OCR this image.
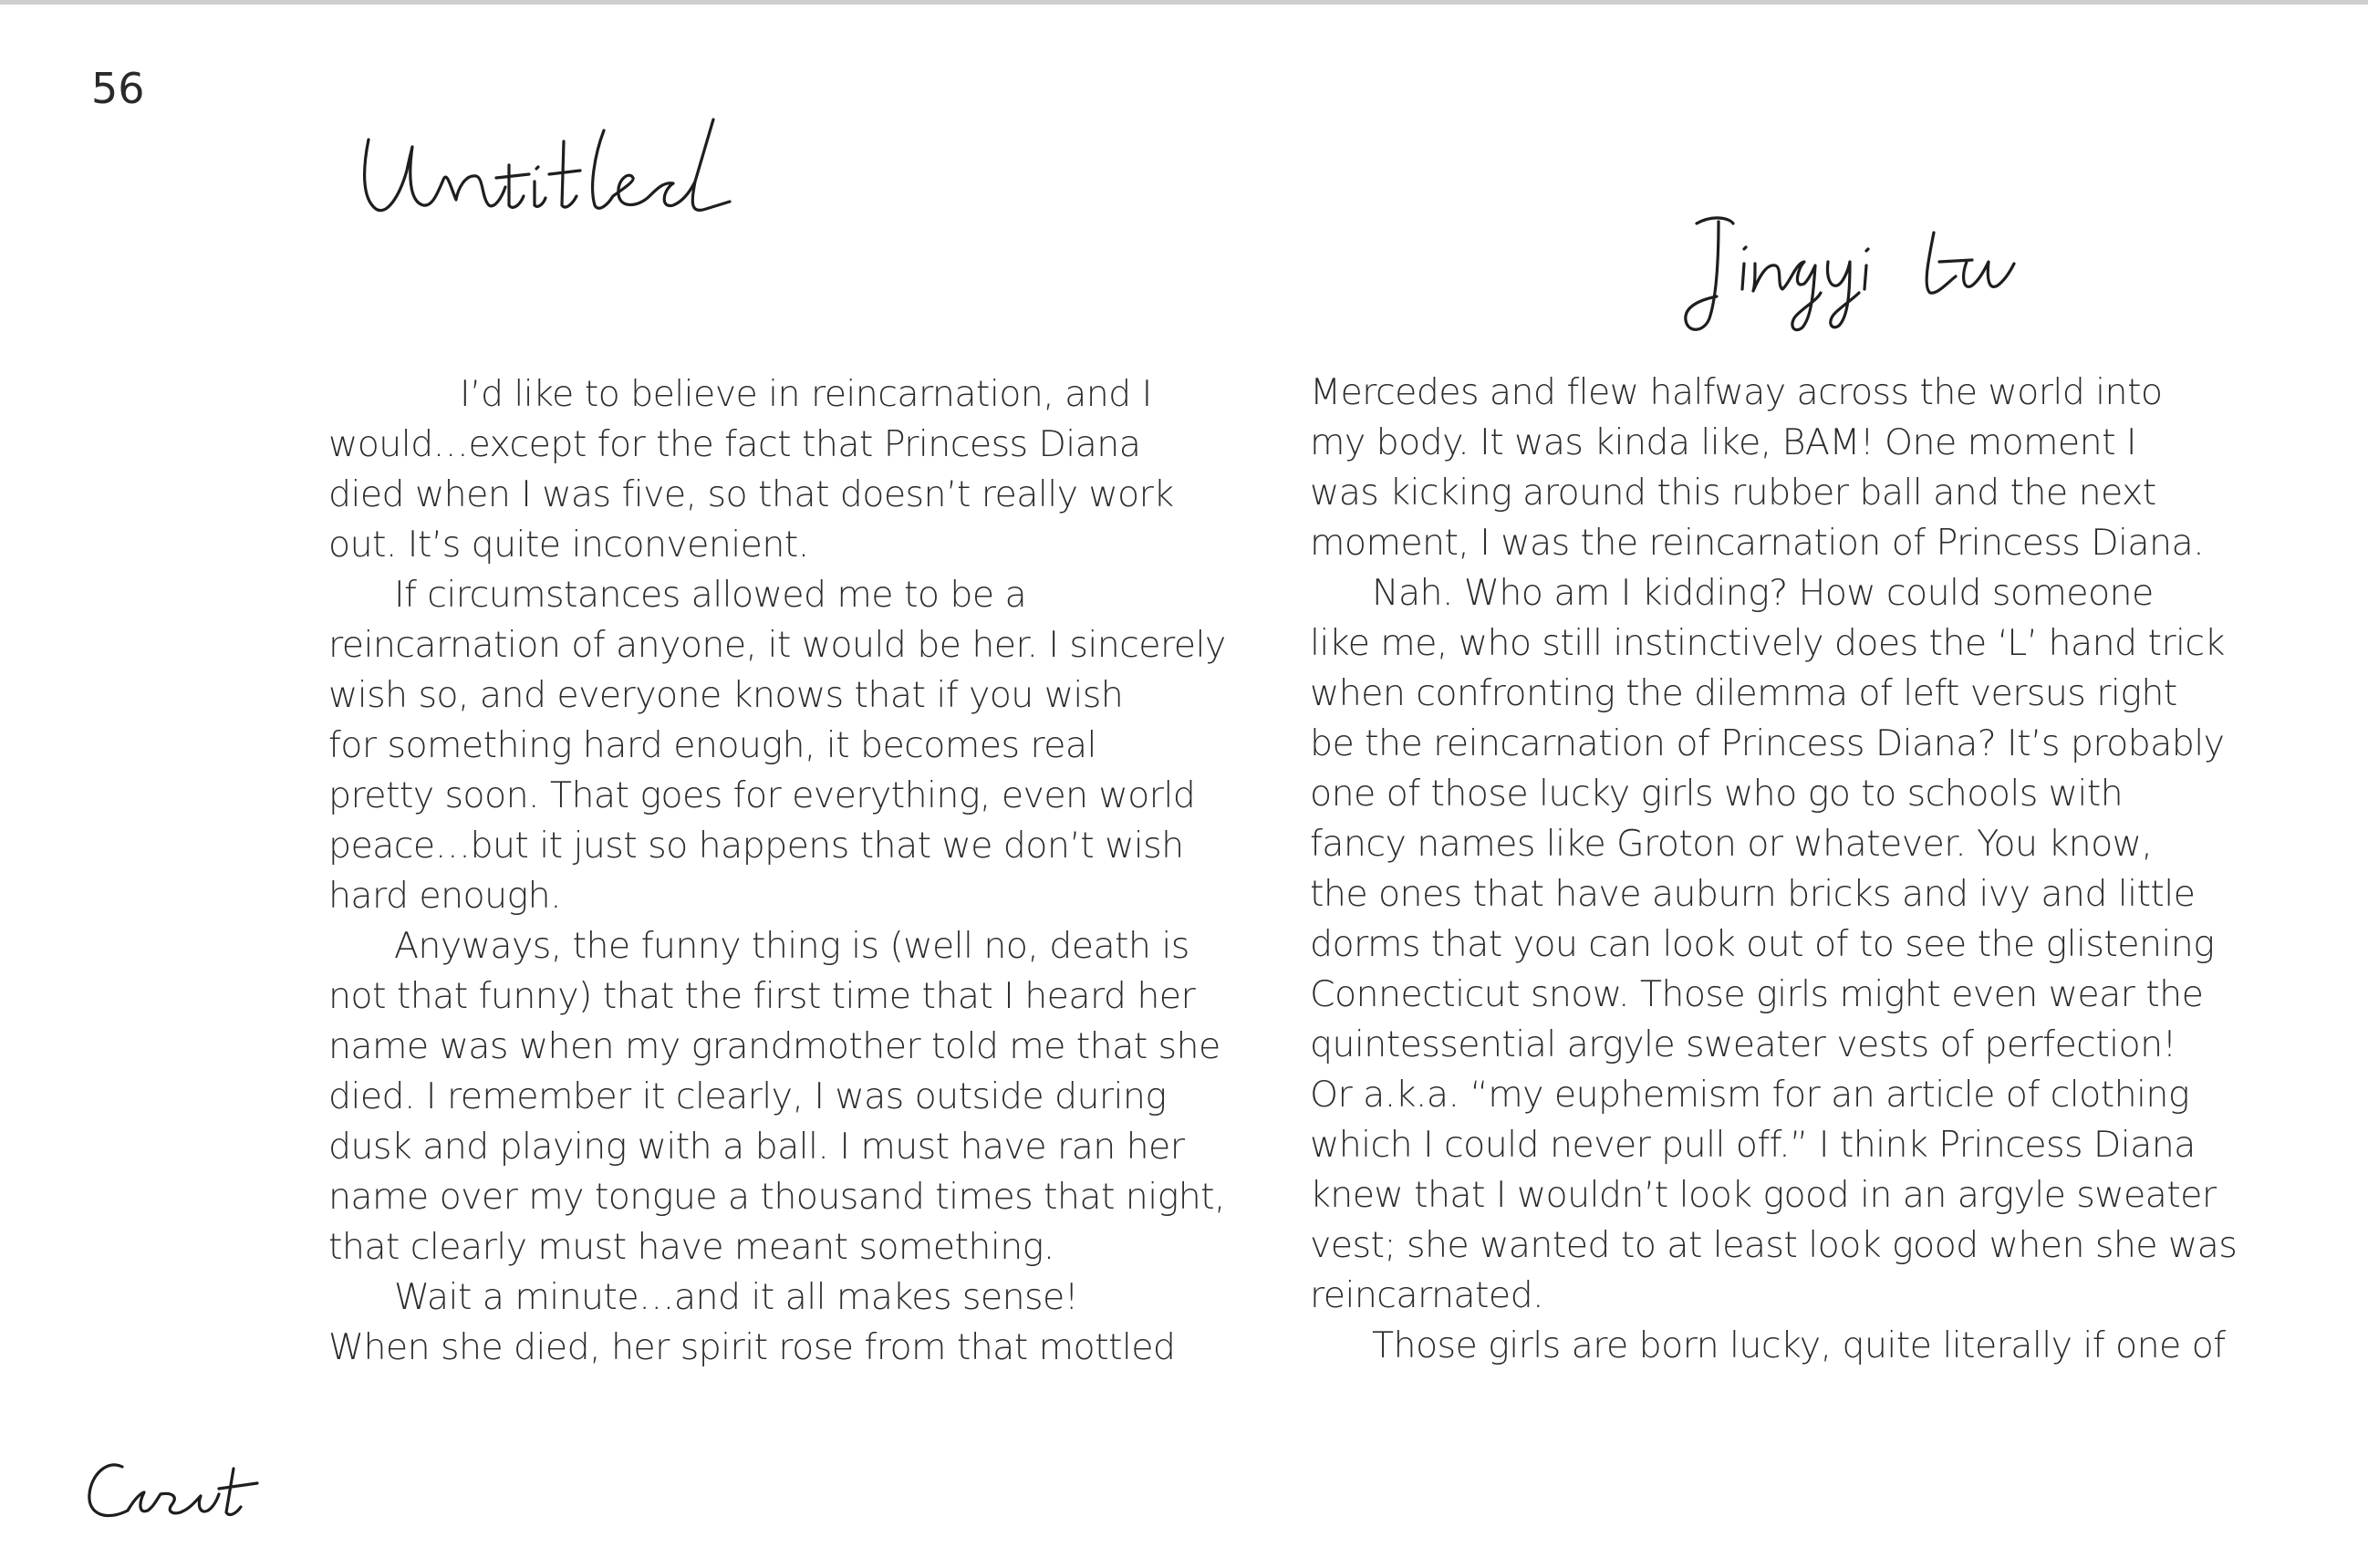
56
I’d like to believe in reincarnation, and I
would…except for the fact that Princess Diana
died when I was five, so that doesn’t really work
out. It’s quite inconvenient.
If circumstances allowed me to be a
reincarnation of anyone, it would be her. I sincerely
wish so, and everyone knows that if you wish
for something hard enough, it becomes real
pretty soon. That goes for everything, even world
peace…but it just so happens that we don’t wish
hard enough.
Anyways, the funny thing is (well no, death is
not that funny) that the first time that I heard her
name was when my grandmother told me that she
died. I remember it clearly, I was outside during
dusk and playing with a ball. I must have ran her
name over my tongue a thousand times that night,
that clearly must have meant something.
Wait a minute…and it all makes sense!
When she died, her spirit rose from that mottled
Mercedes and flew halfway across the world into
my body. It was kinda like, BAM! One moment I
was kicking around this rubber ball and the next
moment, I was the reincarnation of Princess Diana.
Nah. Who am I kidding? How could someone
like me, who still instinctively does the ‘L’ hand trick
when confronting the dilemma of left versus right
be the reincarnation of Princess Diana? It’s probably
one of those lucky girls who go to schools with
fancy names like Groton or whatever. You know,
the ones that have auburn bricks and ivy and little
dorms that you can look out of to see the glistening
Connecticut snow. Those girls might even wear the
quintessential argyle sweater vests of perfection!
Or a.k.a. “my euphemism for an article of clothing
which I could never pull off.” I think Princess Diana
knew that I wouldn’t look good in an argyle sweater
vest; she wanted to at least look good when she was
reincarnated.
Those girls are born lucky, quite literally if one of
